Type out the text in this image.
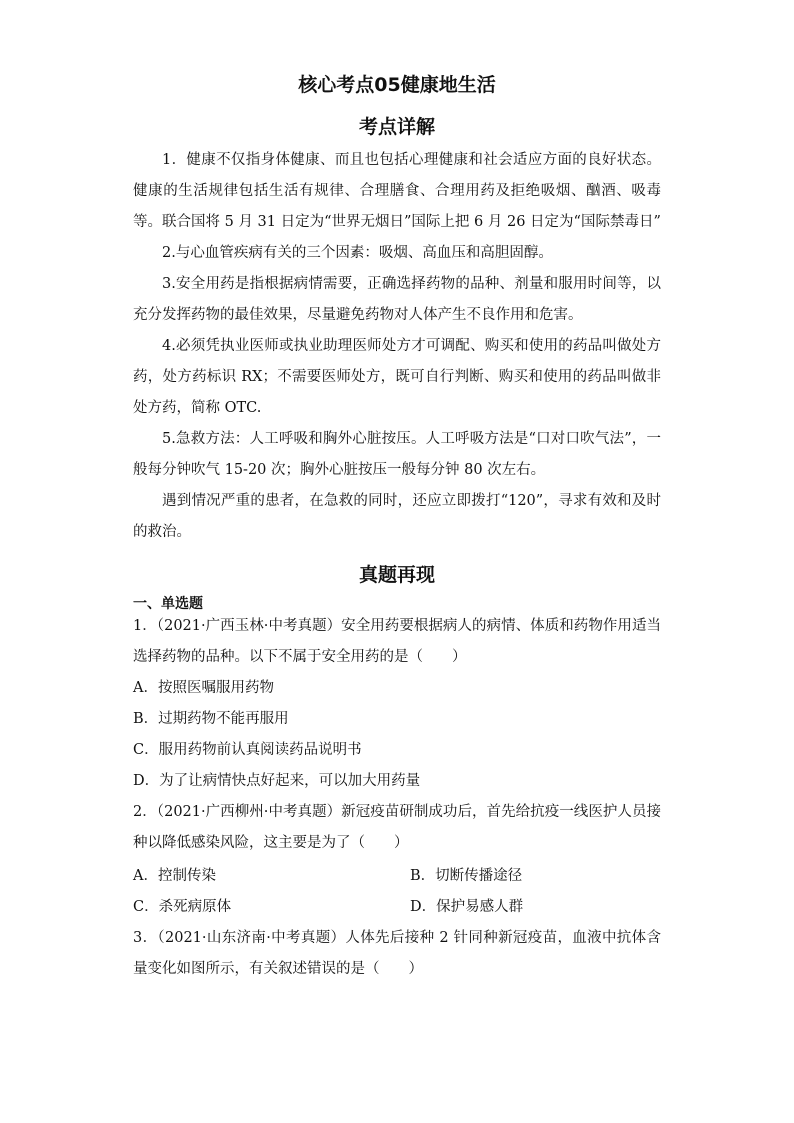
核心考点05健康地生活
考点详解
1．健康不仅指身体健康、而且也包括心理健康和社会适应方面的良好状态。健康的生活规律包括生活有规律、合理膳食、合理用药及拒绝吸烟、酗酒、吸毒等。联合国将 5 月 31 日定为“世界无烟日”国际上把 6 月 26 日定为“国际禁毒日”
2.与心血管疾病有关的三个因素：吸烟、高血压和高胆固醇。
3.安全用药是指根据病情需要，正确选择药物的品种、剂量和服用时间等，以充分发挥药物的最佳效果，尽量避免药物对人体产生不良作用和危害。
4.必须凭执业医师或执业助理医师处方才可调配、购买和使用的药品叫做处方药，处方药标识 RX；不需要医师处方，既可自行判断、购买和使用的药品叫做非处方药，简称 OTC.
5.急救方法：人工呼吸和胸外心脏按压。人工呼吸方法是“口对口吹气法”，一般每分钟吹气 15-20 次；胸外心脏按压一般每分钟 80 次左右。
遇到情况严重的患者，在急救的同时，还应立即拨打“120”，寻求有效和及时的救治。
真题再现
一、单选题
1．（2021·广西玉林·中考真题）安全用药要根据病人的病情、体质和药物作用适当选择药物的品种。以下不属于安全用药的是（　　）
A．按照医嘱服用药物
B．过期药物不能再服用
C．服用药物前认真阅读药品说明书
D．为了让病情快点好起来，可以加大用药量
2．（2021·广西柳州·中考真题）新冠疫苗研制成功后，首先给抗疫一线医护人员接种以降低感染风险，这主要是为了（　　）
A．控制传染	B．切断传播途径
C．杀死病原体	D．保护易感人群
3．（2021·山东济南·中考真题）人体先后接种 2 针同种新冠疫苗，血液中抗体含量变化如图所示，有关叙述错误的是（　　）
